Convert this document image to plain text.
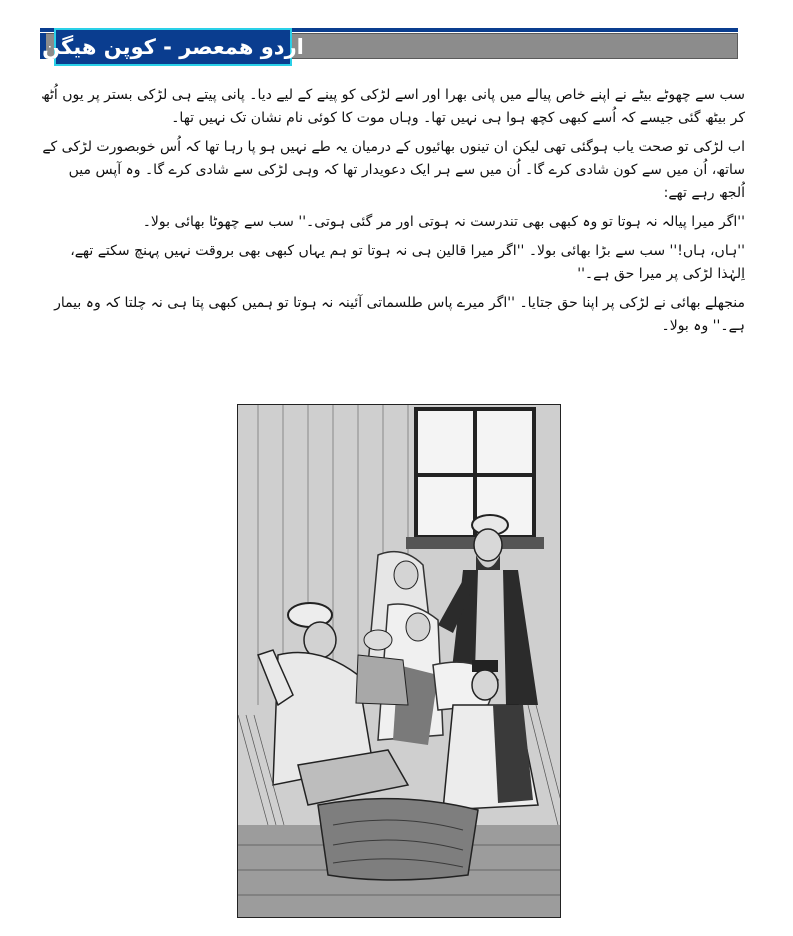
اردو ھمعصر - کوپن ھیگن

سب سے چھوٹے بیٹے نے اپنے خاص پیالے میں پانی بھرا اور اسے لڑکی کو پینے کے لیے دیا۔ پانی پیتے ہی لڑکی بستر پر یوں اُٹھ کر بیٹھ گئی جیسے کہ اُسے کبھی کچھ ہوا ہی نہیں تھا۔ وہاں موت کا کوئی نام نشان تک نہیں تھا۔

اب لڑکی تو صحت یاب ہوگئی تھی لیکن ان تینوں بھائیوں کے درمیان یہ طے نہیں ہو پا رہا تھا کہ اُس خوبصورت لڑکی کے ساتھ، اُن میں سے کون شادی کرے گا۔ اُن میں سے ہر ایک دعویدار تھا کہ وہی لڑکی سے شادی کرے گا۔ وہ آپس میں اُلجھ رہے تھے:

''اگر میرا پیالہ نہ ہوتا تو وہ کبھی بھی تندرست نہ ہوتی اور مر گئی ہوتی۔'' سب سے چھوٹا بھائی بولا۔

''ہاں، ہاں!'' سب سے بڑا بھائی بولا۔ ''اگر میرا قالین ہی نہ ہوتا تو ہم یہاں کبھی بھی بروقت نہیں پہنچ سکتے تھے، اِلہٰذا لڑکی پر میرا حق ہے۔''

منجھلے بھائی نے لڑکی پر اپنا حق جتایا۔ ''اگر میرے پاس طلسماتی آئینہ نہ ہوتا تو ہمیں کبھی پتا ہی نہ چلتا کہ وہ بیمار ہے۔'' وہ بولا۔
